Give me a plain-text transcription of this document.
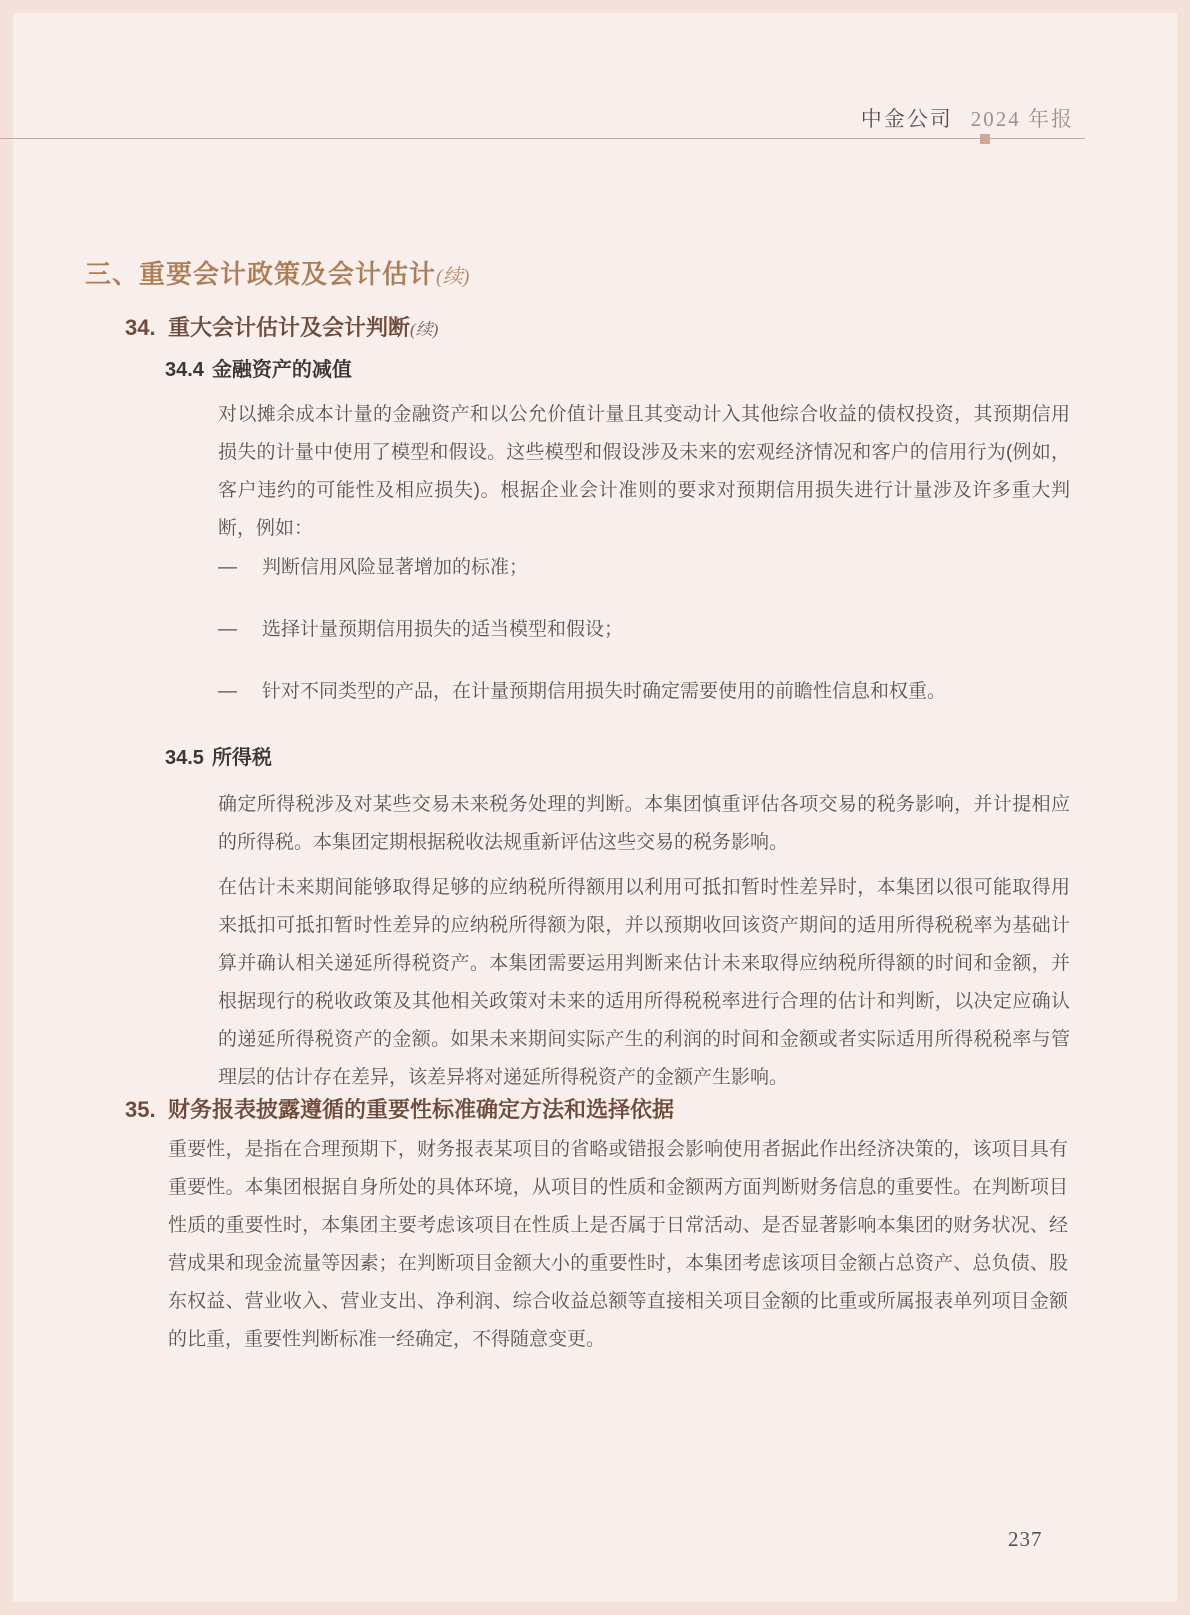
中金公司 2024 年报
三、重要会计政策及会计估计(续)
34. 重大会计估计及会计判断(续)
34.4 金融资产的减值
对以摊余成本计量的金融资产和以公允价值计量且其变动计入其他综合收益的债权投资，其预期信用损失的计量中使用了模型和假设。这些模型和假设涉及未来的宏观经济情况和客户的信用行为(例如，客户违约的可能性及相应损失)。根据企业会计准则的要求对预期信用损失进行计量涉及许多重大判断，例如：
—	判断信用风险显著增加的标准；
—	选择计量预期信用损失的适当模型和假设；
—	针对不同类型的产品，在计量预期信用损失时确定需要使用的前瞻性信息和权重。
34.5 所得税
确定所得税涉及对某些交易未来税务处理的判断。本集团慎重评估各项交易的税务影响，并计提相应的所得税。本集团定期根据税收法规重新评估这些交易的税务影响。
在估计未来期间能够取得足够的应纳税所得额用以利用可抵扣暂时性差异时，本集团以很可能取得用来抵扣可抵扣暂时性差异的应纳税所得额为限，并以预期收回该资产期间的适用所得税税率为基础计算并确认相关递延所得税资产。本集团需要运用判断来估计未来取得应纳税所得额的时间和金额，并根据现行的税收政策及其他相关政策对未来的适用所得税税率进行合理的估计和判断，以决定应确认的递延所得税资产的金额。如果未来期间实际产生的利润的时间和金额或者实际适用所得税税率与管理层的估计存在差异，该差异将对递延所得税资产的金额产生影响。
35. 财务报表披露遵循的重要性标准确定方法和选择依据
重要性，是指在合理预期下，财务报表某项目的省略或错报会影响使用者据此作出经济决策的，该项目具有重要性。本集团根据自身所处的具体环境，从项目的性质和金额两方面判断财务信息的重要性。在判断项目性质的重要性时，本集团主要考虑该项目在性质上是否属于日常活动、是否显著影响本集团的财务状况、经营成果和现金流量等因素；在判断项目金额大小的重要性时，本集团考虑该项目金额占总资产、总负债、股东权益、营业收入、营业支出、净利润、综合收益总额等直接相关项目金额的比重或所属报表单列项目金额的比重，重要性判断标准一经确定，不得随意变更。
237
